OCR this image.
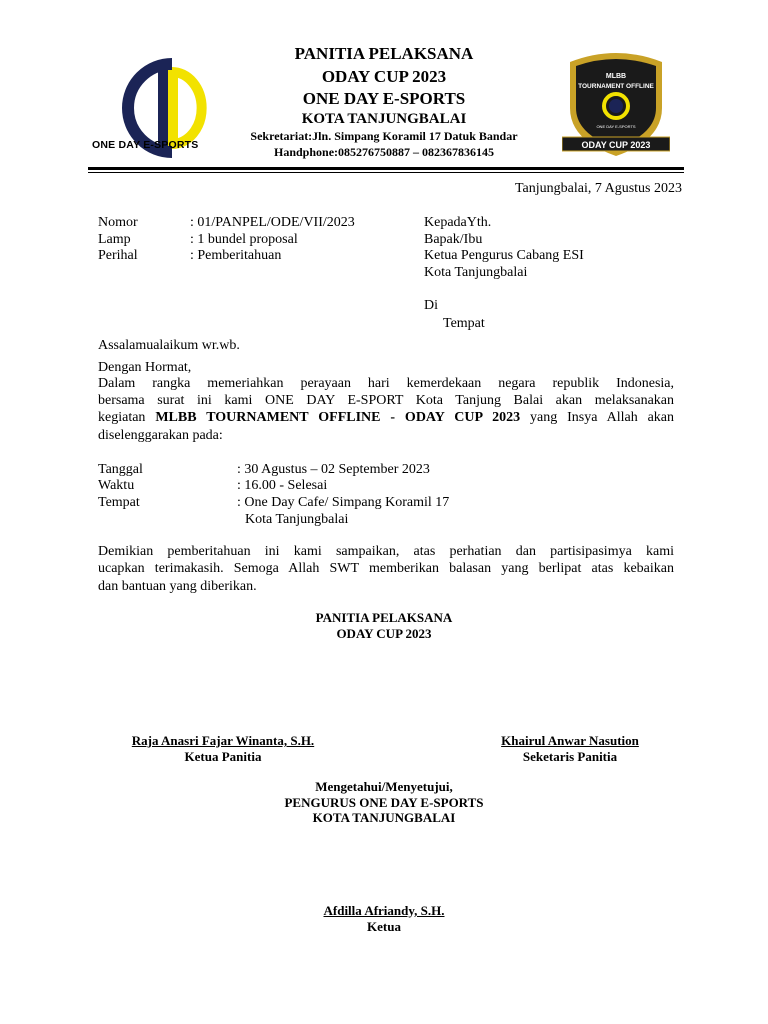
ONE DAY E-SPORTS
PANITIA PELAKSANA
ODAY CUP 2023
ONE DAY E-SPORTS
KOTA TANJUNGBALAI
Sekretariat:Jln. Simpang Koramil 17 Datuk Bandar
Handphone:085276750887 – 082367836145
MLBB
TOURNAMENT OFFLINE
ONE DAY E-SPORTS
ODAY CUP 2023
Tanjungbalai, 7 Agustus 2023
Nomor	: 01/PANPEL/ODE/VII/2023
Lamp	: 1 bundel proposal
Perihal	: Pemberitahuan
KepadaYth.
Bapak/Ibu
Ketua Pengurus Cabang ESI
Kota Tanjungbalai
Di
Tempat
Assalamualaikum wr.wb.
Dengan Hormat,
Dalam rangka memeriahkan perayaan hari kemerdekaan negara republik Indonesia,
bersama surat ini kami ONE DAY E-SPORT Kota Tanjung Balai akan melaksanakan
kegiatan MLBB TOURNAMENT OFFLINE - ODAY CUP 2023 yang Insya Allah akan
diselenggarakan pada:
Tanggal	: 30 Agustus – 02 September 2023
Waktu	: 16.00 - Selesai
Tempat	: One Day Cafe/ Simpang Koramil 17
Kota Tanjungbalai
Demikian pemberitahuan ini kami sampaikan, atas perhatian dan partisipasimya kami
ucapkan terimakasih. Semoga Allah SWT memberikan balasan yang berlipat atas kebaikan
dan bantuan yang diberikan.
PANITIA PELAKSANA
ODAY CUP 2023
Raja Anasri Fajar Winanta, S.H.
Ketua Panitia
Khairul Anwar Nasution
Seketaris Panitia
Mengetahui/Menyetujui,
PENGURUS ONE DAY E-SPORTS
KOTA TANJUNGBALAI
Afdilla Afriandy, S.H.
Ketua
